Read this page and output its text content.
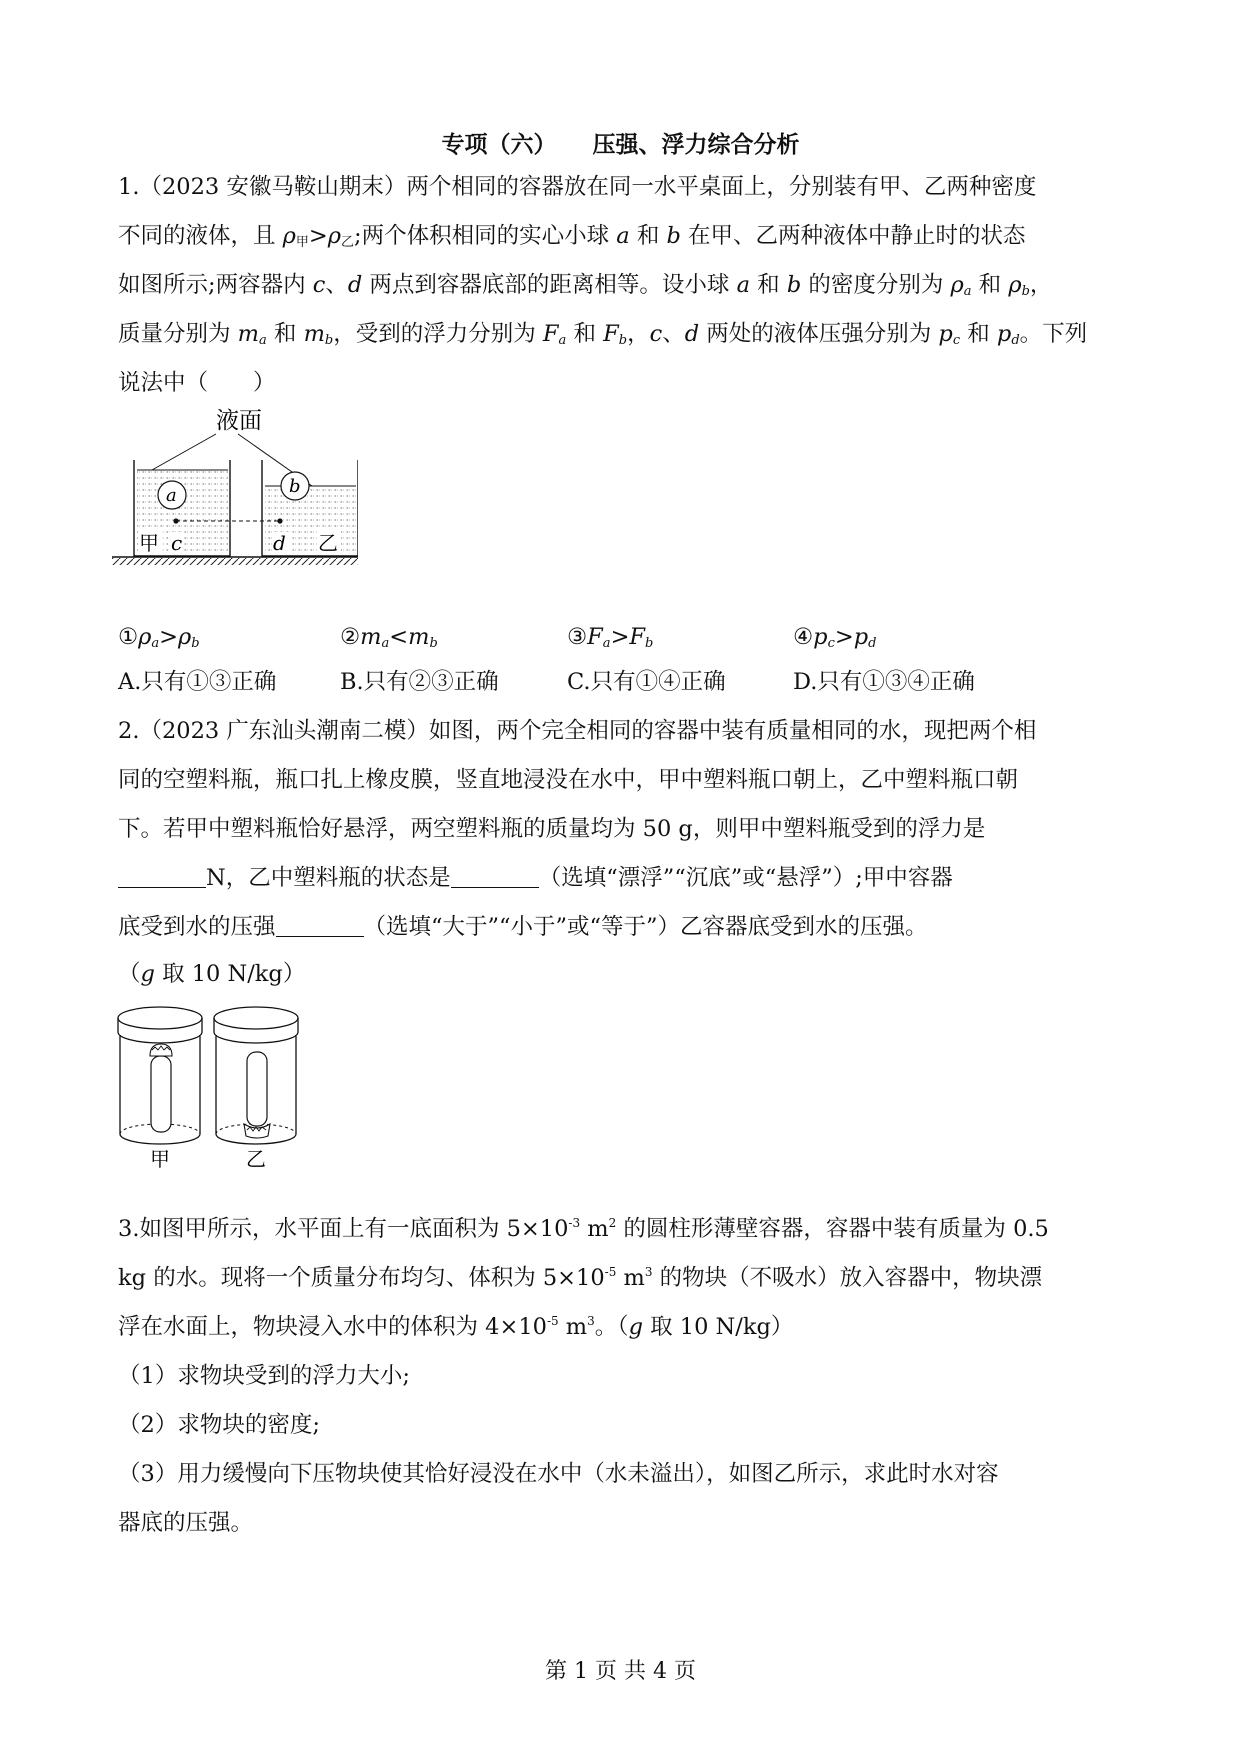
专项（六） 压强、浮力综合分析
1.（2023 安徽马鞍山期末）两个相同的容器放在同一水平桌面上，分别装有甲、乙两种密度
不同的液体，且 $\rho_甲>\rho_乙$;两个体积相同的实心小球 a 和 b 在甲、乙两种液体中静止时的状态
如图所示;两容器内 c、d 两点到容器底部的距离相等。设小球 a 和 b 的密度分别为 $\rho_a$ 和 $\rho_b$，
质量分别为 $m_a$ 和 $m_b$，受到的浮力分别为 $F_a$ 和 $F_b$，c、d 两处的液体压强分别为 $p_c$ 和 $p_d$。下列
说法中（　　）
液面
a	b
甲 c	d 乙
$①\rho_a>\rho_b$	$②m_a<m_b$	$③F_a>F_b$	$④p_c>p_d$
A.只有①③正确	B.只有②③正确	C.只有①④正确	D.只有①③④正确
2.（2023 广东汕头潮南二模）如图，两个完全相同的容器中装有质量相同的水，现把两个相
同的空塑料瓶，瓶口扎上橡皮膜，竖直地浸没在水中，甲中塑料瓶口朝上，乙中塑料瓶口朝
下。若甲中塑料瓶恰好悬浮，两空塑料瓶的质量均为 50 g，则甲中塑料瓶受到的浮力是
N，乙中塑料瓶的状态是	（选填“漂浮”“沉底”或“悬浮”）;甲中容器
底受到水的压强	（选填“大于”“小于”或“等于”）乙容器底受到水的压强。
（g 取 10 N/kg）
甲	乙
3.如图甲所示，水平面上有一底面积为 $5\times 10^{-3}$ $m^2$ 的圆柱形薄壁容器，容器中装有质量为 0.5
kg 的水。现将一个质量分布均匀、体积为 $5\times 10^{-5}$ $m^3$ 的物块（不吸水）放入容器中，物块漂
浮在水面上，物块浸入水中的体积为 $4\times 10^{-5}$ $m^3$。（g 取 10 N/kg）
（1）求物块受到的浮力大小;
（2）求物块的密度;
（3）用力缓慢向下压物块使其恰好浸没在水中（水未溢出），如图乙所示，求此时水对容
器底的压强。
第 1 页 共 4 页
